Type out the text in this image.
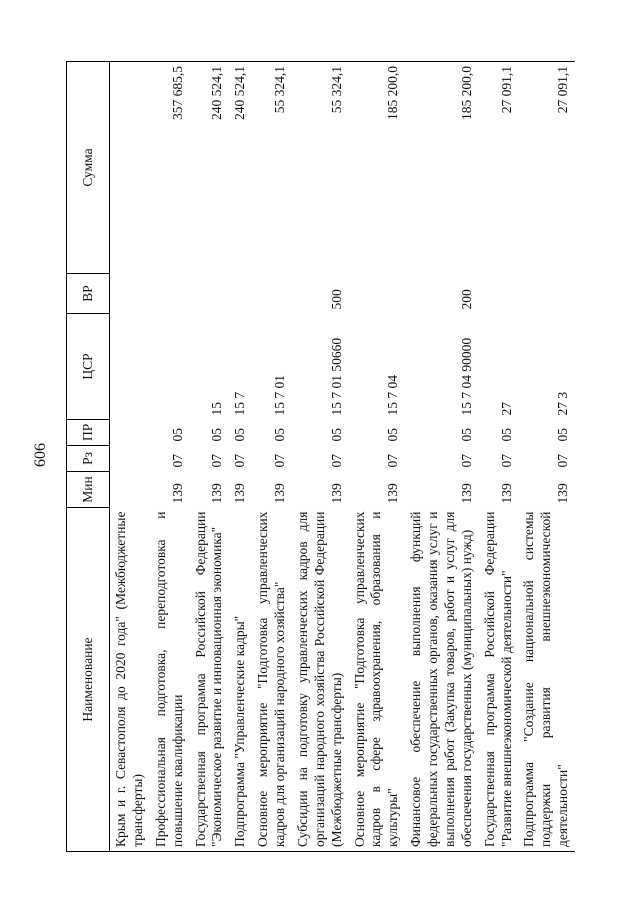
606
Наименование	Мин	Рз	ПР	ЦСР	ВР	Сумма
Крым и г. Севастополя до 2020 года" (Межбюджетные трансферты)						
Профессиональная подготовка, переподготовка и повышение квалификации	139	07	05			357 685,5
Государственная программа Российской Федерации "Экономическое развитие и инновационная экономика"	139	07	05	15		240 524,1
Подпрограмма "Управленческие кадры"	139	07	05	15 7		240 524,1
Основное мероприятие "Подготовка управленческих кадров для организаций народного хозяйства"	139	07	05	15 7 01		55 324,1
Субсидии на подготовку управленческих кадров для организаций народного хозяйства Российской Федерации (Межбюджетные трансферты)	139	07	05	15 7 01 50660	500	55 324,1
Основное мероприятие "Подготовка управленческих кадров в сфере здравоохранения, образования и культуры"	139	07	05	15 7 04		185 200,0
Финансовое обеспечение выполнения функций федеральных государственных органов, оказания услуг и выполнения работ (Закупка товаров, работ и услуг для обеспечения государственных (муниципальных) нужд)	139	07	05	15 7 04 90000	200	185 200,0
Государственная программа Российской Федерации "Развитие внешнеэкономической деятельности"	139	07	05	27		27 091,1
Подпрограмма "Создание национальной системы поддержки развития внешнеэкономической деятельности"	139	07	05	27 3		27 091,1
